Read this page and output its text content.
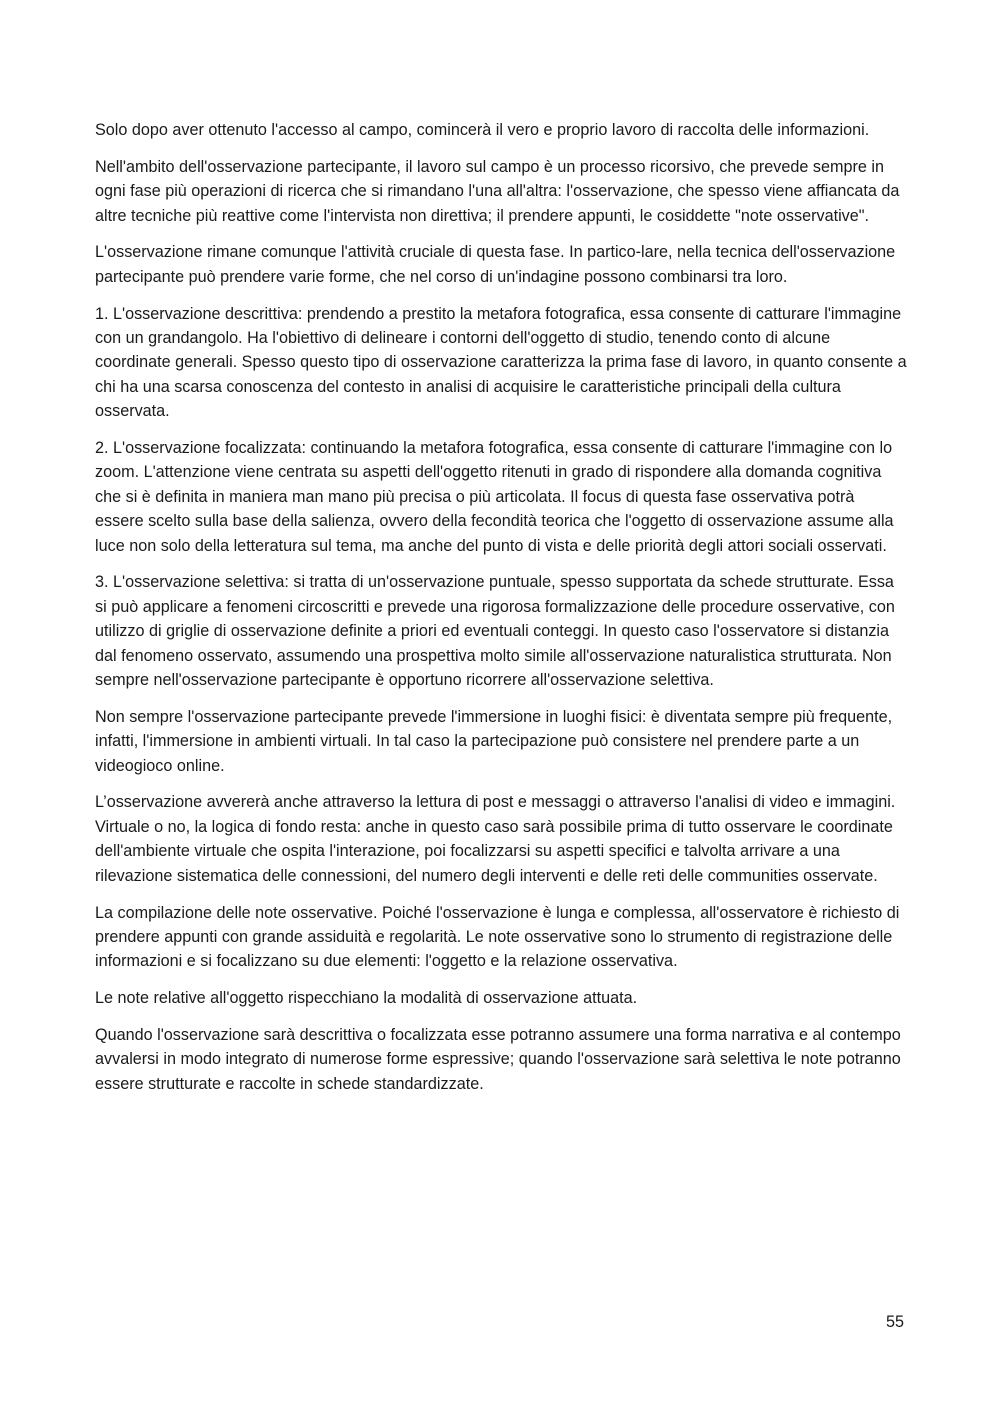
Solo dopo aver ottenuto l'accesso al campo, comincerà il vero e proprio lavoro di raccolta delle informazioni.

Nell'ambito dell'osservazione partecipante, il lavoro sul campo è un processo ricorsivo, che prevede sempre in ogni fase più operazioni di ricerca che si rimandano l'una all'altra: l'osservazione, che spesso viene affiancata da altre tecniche più reattive come l'intervista non direttiva; il prendere appunti, le cosiddette "note osservative".

L'osservazione rimane comunque l'attività cruciale di questa fase. In partico-lare, nella tecnica dell'osservazione partecipante può prendere varie forme, che nel corso di un'indagine possono combinarsi tra loro.

1. L'osservazione descrittiva: prendendo a prestito la metafora fotografica, essa consente di catturare l'immagine con un grandangolo. Ha l'obiettivo di delineare i contorni dell'oggetto di studio, tenendo conto di alcune coordinate generali. Spesso questo tipo di osservazione caratterizza la prima fase di lavoro, in quanto consente a chi ha una scarsa conoscenza del contesto in analisi di acquisire le caratteristiche principali della cultura osservata.

2. L'osservazione focalizzata: continuando la metafora fotografica, essa consente di catturare l'immagine con lo zoom. L'attenzione viene centrata su aspetti dell'oggetto ritenuti in grado di rispondere alla domanda cognitiva che si è definita in maniera man mano più precisa o più articolata. Il focus di questa fase osservativa potrà essere scelto sulla base della salienza, ovvero della fecondità teorica che l'oggetto di osservazione assume alla luce non solo della letteratura sul tema, ma anche del punto di vista e delle priorità degli attori sociali osservati.

3. L'osservazione selettiva: si tratta di un'osservazione puntuale, spesso supportata da schede strutturate. Essa si può applicare a fenomeni circoscritti e prevede una rigorosa formalizzazione delle procedure osservative, con utilizzo di griglie di osservazione definite a priori ed eventuali conteggi. In questo caso l'osservatore si distanzia dal fenomeno osservato, assumendo una prospettiva molto simile all'osservazione naturalistica strutturata. Non sempre nell'osservazione partecipante è opportuno ricorrere all'osservazione selettiva.

Non sempre l'osservazione partecipante prevede l'immersione in luoghi fisici: è diventata sempre più frequente, infatti, l'immersione in ambienti virtuali. In tal caso la partecipazione può consistere nel prendere parte a un videogioco online.

L’osservazione avvererà anche attraverso la lettura di post e messaggi o attraverso l'analisi di video e immagini. Virtuale o no, la logica di fondo resta: anche in questo caso sarà possibile prima di tutto osservare le coordinate dell'ambiente virtuale che ospita l'interazione, poi focalizzarsi su aspetti specifici e talvolta arrivare a una rilevazione sistematica delle connessioni, del numero degli interventi e delle reti delle communities osservate.

La compilazione delle note osservative. Poiché l'osservazione è lunga e complessa, all'osservatore è richiesto di prendere appunti con grande assiduità e regolarità. Le note osservative sono lo strumento di registrazione delle informazioni e si focalizzano su due elementi: l'oggetto e la relazione osservativa.

Le note relative all'oggetto rispecchiano la modalità di osservazione attuata.

Quando l'osservazione sarà descrittiva o focalizzata esse potranno assumere una forma narrativa e al contempo avvalersi in modo integrato di numerose forme espressive; quando l'osservazione sarà selettiva le note potranno essere strutturate e raccolte in schede standardizzate.

55
